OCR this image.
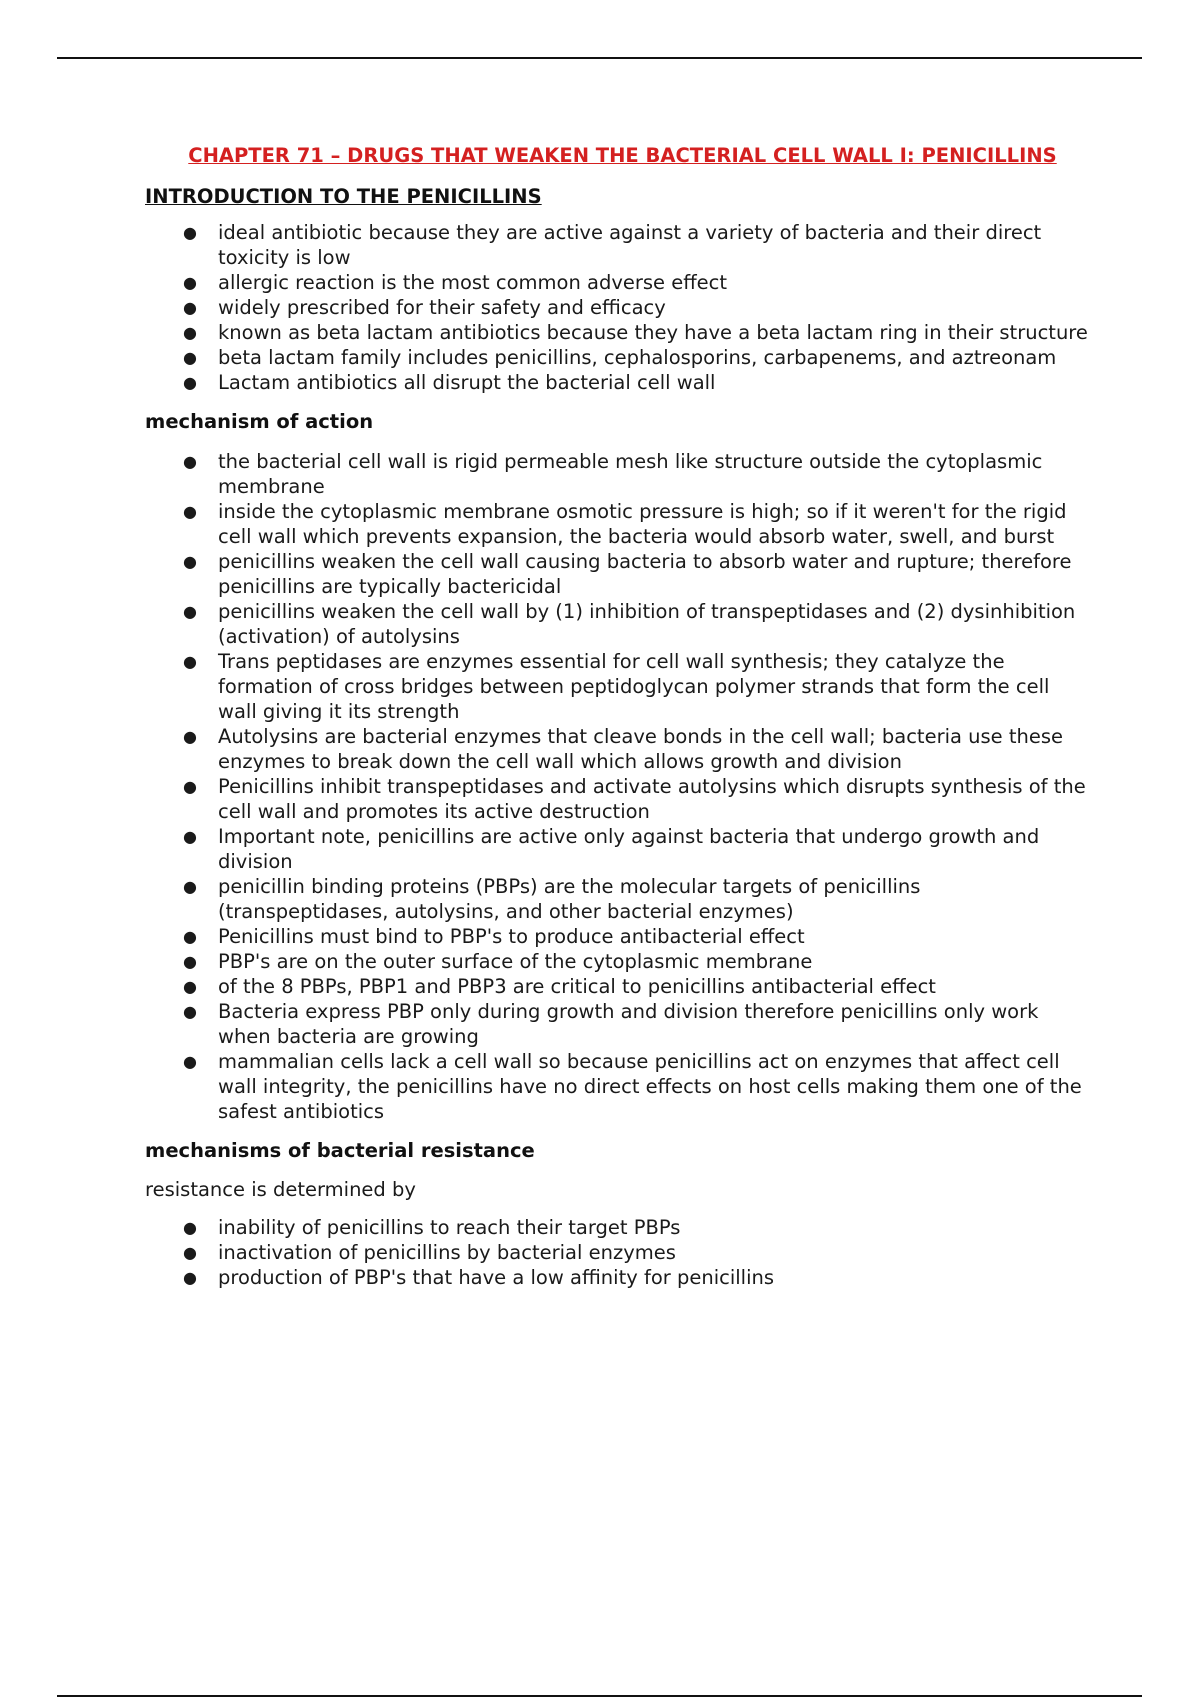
CHAPTER 71 – DRUGS THAT WEAKEN THE BACTERIAL CELL WALL I: PENICILLINS
INTRODUCTION TO THE PENICILLINS
● ideal antibiotic because they are active against a variety of bacteria and their direct toxicity is low
● allergic reaction is the most common adverse effect
● widely prescribed for their safety and efficacy
● known as beta lactam antibiotics because they have a beta lactam ring in their structure
● beta lactam family includes penicillins, cephalosporins, carbapenems, and aztreonam
● Lactam antibiotics all disrupt the bacterial cell wall
mechanism of action
● the bacterial cell wall is rigid permeable mesh like structure outside the cytoplasmic membrane
● inside the cytoplasmic membrane osmotic pressure is high; so if it weren't for the rigid cell wall which prevents expansion, the bacteria would absorb water, swell, and burst
● penicillins weaken the cell wall causing bacteria to absorb water and rupture; therefore penicillins are typically bactericidal
● penicillins weaken the cell wall by (1) inhibition of transpeptidases and (2) dysinhibition (activation) of autolysins
● Trans peptidases are enzymes essential for cell wall synthesis; they catalyze the formation of cross bridges between peptidoglycan polymer strands that form the cell wall giving it its strength
● Autolysins are bacterial enzymes that cleave bonds in the cell wall; bacteria use these enzymes to break down the cell wall which allows growth and division
● Penicillins inhibit transpeptidases and activate autolysins which disrupts synthesis of the cell wall and promotes its active destruction
● Important note, penicillins are active only against bacteria that undergo growth and division
● penicillin binding proteins (PBPs) are the molecular targets of penicillins (transpeptidases, autolysins, and other bacterial enzymes)
● Penicillins must bind to PBP's to produce antibacterial effect
● PBP's are on the outer surface of the cytoplasmic membrane
● of the 8 PBPs, PBP1 and PBP3 are critical to penicillins antibacterial effect
● Bacteria express PBP only during growth and division therefore penicillins only work when bacteria are growing
● mammalian cells lack a cell wall so because penicillins act on enzymes that affect cell wall integrity, the penicillins have no direct effects on host cells making them one of the safest antibiotics
mechanisms of bacterial resistance

resistance is determined by

● inability of penicillins to reach their target PBPs
● inactivation of penicillins by bacterial enzymes
● production of PBP's that have a low affinity for penicillins
